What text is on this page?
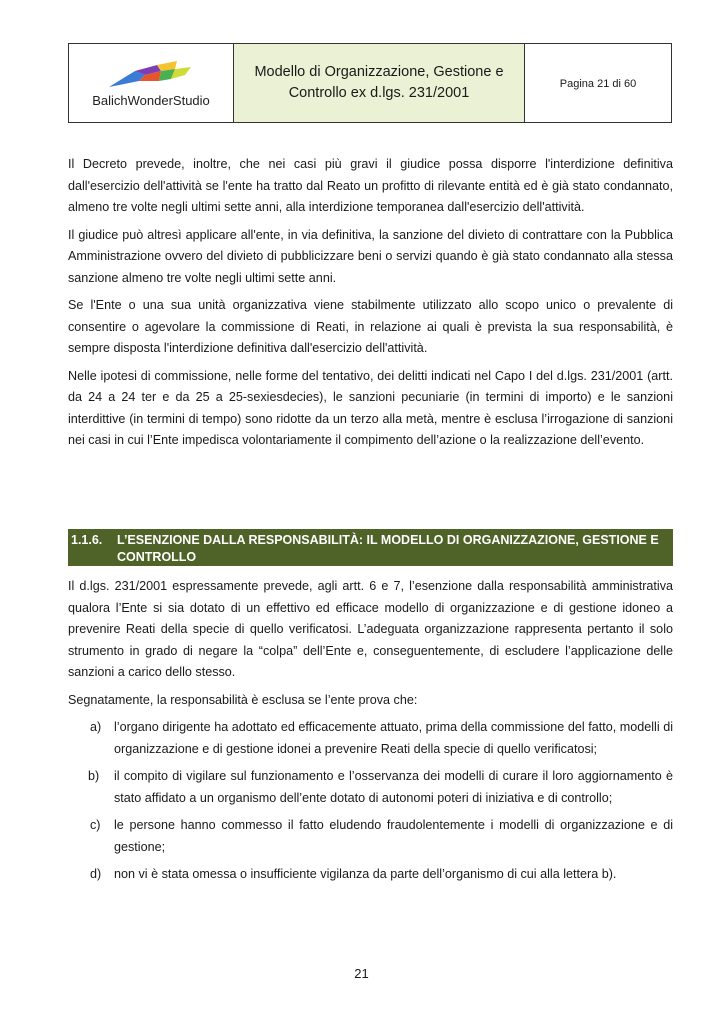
BalichWonderStudio
Modello di Organizzazione, Gestione e Controllo ex d.lgs. 231/2001
Pagina 21 di 60

Il Decreto prevede, inoltre, che nei casi più gravi il giudice possa disporre l'interdizione definitiva dall'esercizio dell'attività se l'ente ha tratto dal Reato un profitto di rilevante entità ed è già stato condannato, almeno tre volte negli ultimi sette anni, alla interdizione temporanea dall'esercizio dell'attività.

Il giudice può altresì applicare all'ente, in via definitiva, la sanzione del divieto di contrattare con la Pubblica Amministrazione ovvero del divieto di pubblicizzare beni o servizi quando è già stato condannato alla stessa sanzione almeno tre volte negli ultimi sette anni.

Se l'Ente o una sua unità organizzativa viene stabilmente utilizzato allo scopo unico o prevalente di consentire o agevolare la commissione di Reati, in relazione ai quali è prevista la sua responsabilità, è sempre disposta l'interdizione definitiva dall'esercizio dell'attività.

Nelle ipotesi di commissione, nelle forme del tentativo, dei delitti indicati nel Capo I del d.lgs. 231/2001 (artt. da 24 a 24 ter e da 25 a 25-sexiesdecies), le sanzioni pecuniarie (in termini di importo) e le sanzioni interdittive (in termini di tempo) sono ridotte da un terzo alla metà, mentre è esclusa l’irrogazione di sanzioni nei casi in cui l’Ente impedisca volontariamente il compimento dell’azione o la realizzazione dell’evento.

1.1.6.	L’ESENZIONE DALLA RESPONSABILITÀ: IL MODELLO DI ORGANIZZAZIONE, GESTIONE E CONTROLLO

Il d.lgs. 231/2001 espressamente prevede, agli artt. 6 e 7, l’esenzione dalla responsabilità amministrativa qualora l’Ente si sia dotato di un effettivo ed efficace modello di organizzazione e di gestione idoneo a prevenire Reati della specie di quello verificatosi. L’adeguata organizzazione rappresenta pertanto il solo strumento in grado di negare la “colpa” dell’Ente e, conseguentemente, di escludere l’applicazione delle sanzioni a carico dello stesso.

Segnatamente, la responsabilità è esclusa se l’ente prova che:

a)	l’organo dirigente ha adottato ed efficacemente attuato, prima della commissione del fatto, modelli di organizzazione e di gestione idonei a prevenire Reati della specie di quello verificatosi;
b)	il compito di vigilare sul funzionamento e l’osservanza dei modelli di curare il loro aggiornamento è stato affidato a un organismo dell’ente dotato di autonomi poteri di iniziativa e di controllo;
c)	le persone hanno commesso il fatto eludendo fraudolentemente i modelli di organizzazione e di gestione;
d)	non vi è stata omessa o insufficiente vigilanza da parte dell’organismo di cui alla lettera b).
21
